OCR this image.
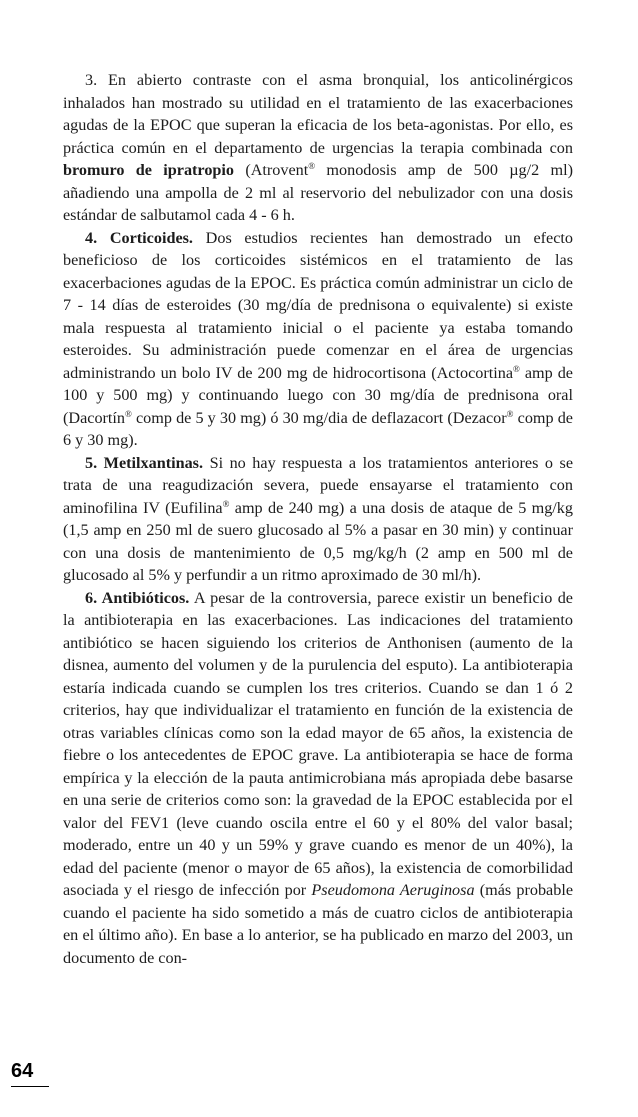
3. En abierto contraste con el asma bronquial, los anticolinérgicos inhalados han mostrado su utilidad en el tratamiento de las exacerbaciones agudas de la EPOC que superan la eficacia de los beta-agonistas. Por ello, es práctica común en el departamento de urgencias la terapia combinada con bromuro de ipratropio (Atrovent® monodosis amp de 500 µg/2 ml) añadiendo una ampolla de 2 ml al reservorio del nebulizador con una dosis estándar de salbutamol cada 4 - 6 h.

4. Corticoides. Dos estudios recientes han demostrado un efecto beneficioso de los corticoides sistémicos en el tratamiento de las exacerbaciones agudas de la EPOC. Es práctica común administrar un ciclo de 7 - 14 días de esteroides (30 mg/día de prednisona o equivalente) si existe mala respuesta al tratamiento inicial o el paciente ya estaba tomando esteroides. Su administración puede comenzar en el área de urgencias administrando un bolo IV de 200 mg de hidrocortisona (Actocortina® amp de 100 y 500 mg) y continuando luego con 30 mg/día de prednisona oral (Dacortín® comp de 5 y 30 mg) ó 30 mg/dia de deflazacort (Dezacor® comp de 6 y 30 mg).

5. Metilxantinas. Si no hay respuesta a los tratamientos anteriores o se trata de una reagudización severa, puede ensayarse el tratamiento con aminofilina IV (Eufilina® amp de 240 mg) a una dosis de ataque de 5 mg/kg (1,5 amp en 250 ml de suero glucosado al 5% a pasar en 30 min) y continuar con una dosis de mantenimiento de 0,5 mg/kg/h (2 amp en 500 ml de glucosado al 5% y perfundir a un ritmo aproximado de 30 ml/h).

6. Antibióticos. A pesar de la controversia, parece existir un beneficio de la antibioterapia en las exacerbaciones. Las indicaciones del tratamiento antibiótico se hacen siguiendo los criterios de Anthonisen (aumento de la disnea, aumento del volumen y de la purulencia del esputo). La antibioterapia estaría indicada cuando se cumplen los tres criterios. Cuando se dan 1 ó 2 criterios, hay que individualizar el tratamiento en función de la existencia de otras variables clínicas como son la edad mayor de 65 años, la existencia de fiebre o los antecedentes de EPOC grave. La antibioterapia se hace de forma empírica y la elección de la pauta antimicrobiana más apropiada debe basarse en una serie de criterios como son: la gravedad de la EPOC establecida por el valor del FEV1 (leve cuando oscila entre el 60 y el 80% del valor basal; moderado, entre un 40 y un 59% y grave cuando es menor de un 40%), la edad del paciente (menor o mayor de 65 años), la existencia de comorbilidad asociada y el riesgo de infección por Pseudomona Aeruginosa (más probable cuando el paciente ha sido sometido a más de cuatro ciclos de antibioterapia en el último año). En base a lo anterior, se ha publicado en marzo del 2003, un documento de con-

64
